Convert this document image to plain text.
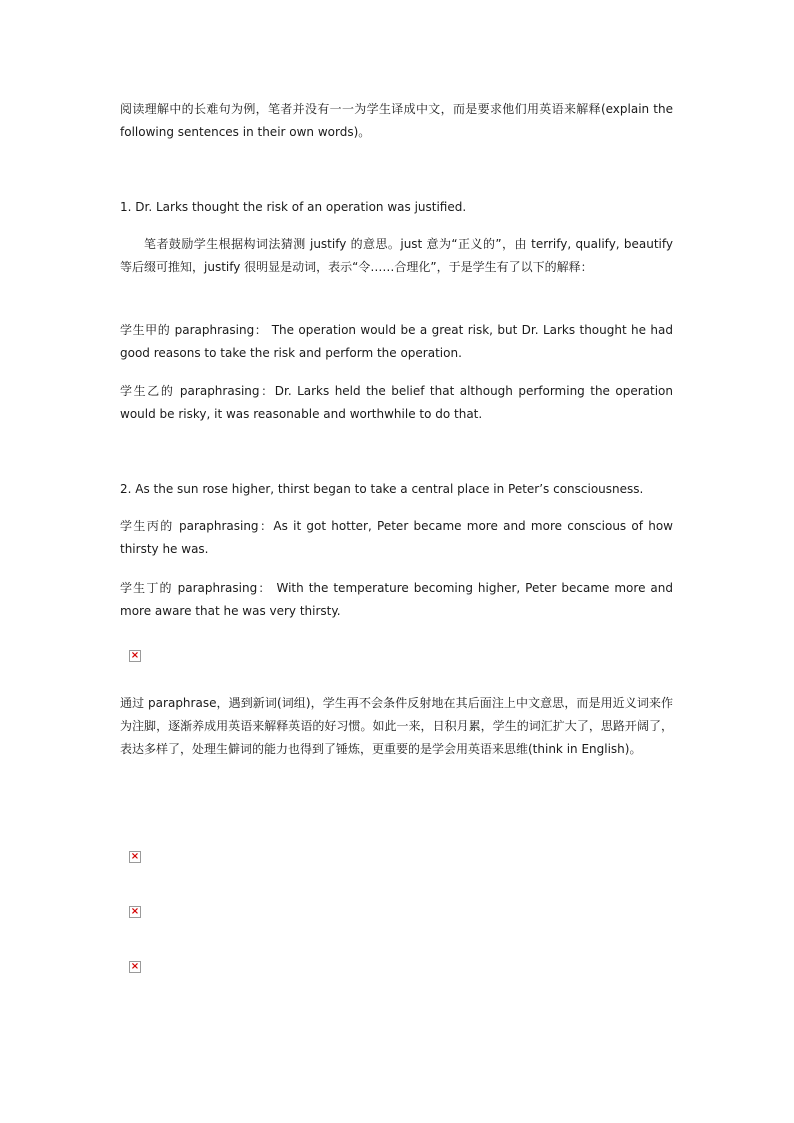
阅读理解中的长难句为例，笔者并没有一一为学生译成中文，而是要求他们用英语来解释(explain the following sentences in their own words)。

1. Dr. Larks thought the risk of an operation was justified.

笔者鼓励学生根据构词法猜测 justify 的意思。just 意为“正义的”，由 terrify, qualify, beautify 等后缀可推知，justify 很明显是动词，表示“令……合理化”，于是学生有了以下的解释：

学生甲的 paraphrasing： The operation would be a great risk, but Dr. Larks thought he had good reasons to take the risk and perform the operation.

学生乙的 paraphrasing：Dr. Larks held the belief that although performing the operation would be risky, it was reasonable and worthwhile to do that.

2. As the sun rose higher, thirst began to take a central place in Peter’s consciousness.

学生丙的 paraphrasing：As it got hotter, Peter became more and more conscious of how thirsty he was.

学生丁的 paraphrasing： With the temperature becoming higher, Peter became more and more aware that he was very thirsty.

×

通过 paraphrase，遇到新词(词组)，学生再不会条件反射地在其后面注上中文意思，而是用近义词来作为注脚，逐渐养成用英语来解释英语的好习惯。如此一来，日积月累，学生的词汇扩大了，思路开阔了，表达多样了，处理生僻词的能力也得到了锤炼，更重要的是学会用英语来思维(think in English)。

×
×
×
